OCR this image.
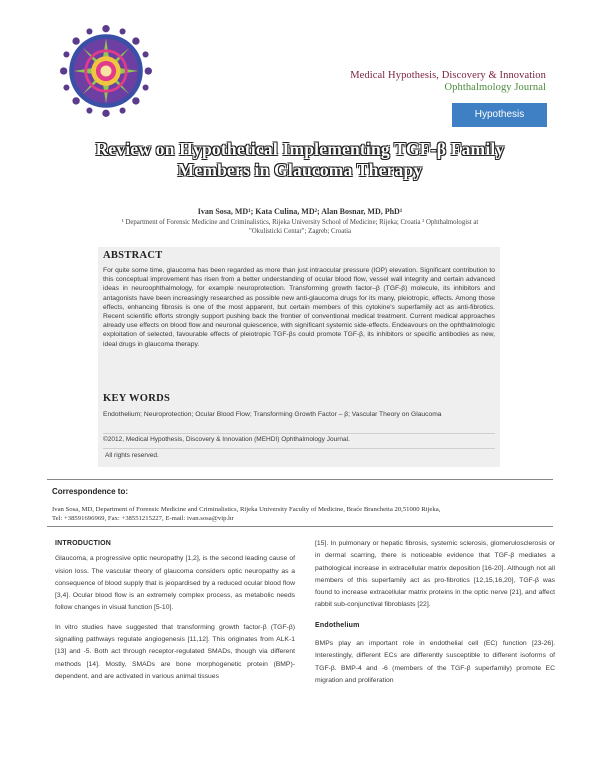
Medical Hypothesis, Discovery & Innovation
Ophthalmology Journal
Hypothesis
Review on Hypothetical Implementing TGF-β Family
Members in Glaucoma Therapy
Ivan Sosa, MD¹; Kata Culina, MD²; Alan Bosnar, MD, PhD¹
¹ Department of Forensic Medicine and Criminalistics, Rijeka University School of Medicine; Rijeka; Croatia ² Ophthalmologist at
"Okulisticki Centar"; Zagreb; Croatia
ABSTRACT
For quite some time, glaucoma has been regarded as more than just intraocular pressure (IOP) elevation. Significant contribution to this conceptual improvement has risen from a better understanding of ocular blood flow, vessel wall integrity and certain advanced ideas in neuroophthalmology, for example neuroprotection. Transforming growth factor–β (TGF-β) molecule, its inhibitors and antagonists have been increasingly researched as possible new anti-glaucoma drugs for its many, pleiotropic, effects. Among those effects, enhancing fibrosis is one of the most apparent, but certain members of this cytokine's superfamily act as anti-fibrotics. Recent scientific efforts strongly support pushing back the frontier of conventional medical treatment. Current medical approaches already use effects on blood flow and neuronal quiescence, with significant systemic side-effects. Endeavours on the ophthalmologic exploitation of selected, favourable effects of pleiotropic TGF-βs could promote TGF-β, its inhibitors or specific antibodies as new, ideal drugs in glaucoma therapy.
KEY WORDS
Endothelium; Neuroprotection; Ocular Blood Flow; Transforming Growth Factor – β; Vascular Theory on Glaucoma
©2012, Medical Hypothesis, Discovery & Innovation (MEHDI) Ophthalmology Journal.
All rights reserved.
Correspondence to:
Ivan Sosa, MD, Department of Forensic Medicine and Criminalistics, Rijeka University Faculty of Medicine, Braće Branchetta 20,51000 Rijeka,
Tel: +38591696969, Fax: +38551215227, E-mail: ivan.sosa@vip.hr
INTRODUCTION

Glaucoma, a progressive optic neuropathy [1,2], is the second leading cause of vision loss. The vascular theory of glaucoma considers optic neuropathy as a consequence of blood supply that is jeopardised by a reduced ocular blood flow [3,4]. Ocular blood flow is an extremely complex process, as metabolic needs follow changes in visual function [5-10].

In vitro studies have suggested that transforming growth factor-β (TGF-β) signalling pathways regulate angiogenesis [11,12]. This originates from ALK-1 [13] and -5. Both act through receptor-regulated SMADs, though via different methods [14]. Mostly, SMADs are bone morphogenetic protein (BMP)-dependent, and are activated in various animal tissues

[15]. In pulmonary or hepatic fibrosis, systemic sclerosis, glomerulosclerosis or in dermal scarring, there is noticeable evidence that TGF-β mediates a pathological increase in extracellular matrix deposition [16-20]. Although not all members of this superfamily act as pro-fibrotics [12,15,16,20], TGF-β was found to increase extracellular matrix proteins in the optic nerve [21], and affect rabbit sub-conjunctival fibroblasts [22].

Endothelium

BMPs play an important role in endothelial cell (EC) function [23-26]. Interestingly, different ECs are differently susceptible to different isoforms of TGF-β. BMP-4 and -6 (members of the TGF-β superfamily) promote EC migration and proliferation
